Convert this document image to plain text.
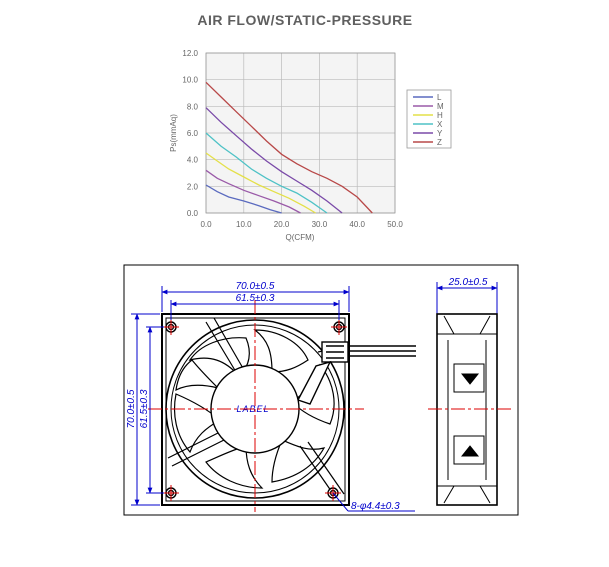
AIR FLOW/STATIC-PRESSURE
0.0	10.0	20.0	30.0	40.0	50.0
0.0
2.0
4.0
6.0
8.0
10.0
12.0
Q(CFM)
Ps(mmAq)
L
M
H
X
Y
Z
LABEL
70.0±0.5
61.5±0.3
70.0±0.5 61.5±0.3
8-φ4.4±0.3
25.0±0.5
